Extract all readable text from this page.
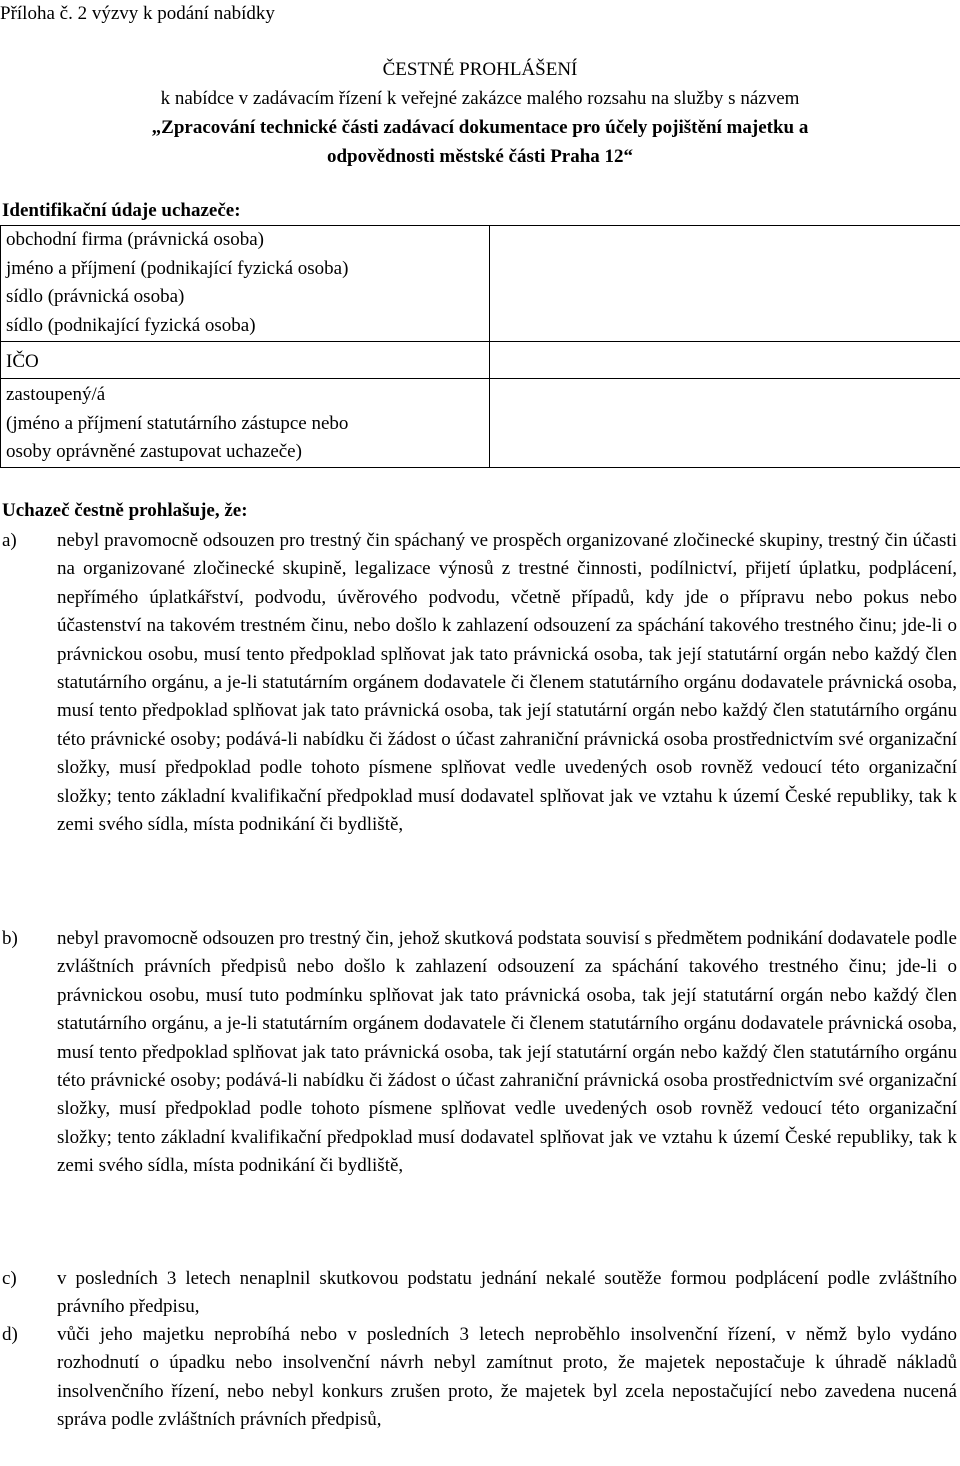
Příloha č. 2 výzvy k podání nabídky
ČESTNÉ PROHLÁŠENÍ
k nabídce v zadávacím řízení k veřejné zakázce malého rozsahu na služby s názvem
„Zpracování technické části zadávací dokumentace pro účely pojištění majetku a
odpovědnosti městské části Praha 12“
Identifikační údaje uchazeče:
obchodní firma (právnická osoba)
jméno a příjmení (podnikající fyzická osoba)
sídlo (právnická osoba)
sídlo (podnikající fyzická osoba)	

IČO	

zastoupený/á
(jméno a příjmení statutárního zástupce nebo
osoby oprávněné zastupovat uchazeče)	

Uchazeč čestně prohlašuje, že:
a) nebyl pravomocně odsouzen pro trestný čin spáchaný ve prospěch organizované zločinecké skupiny, trestný čin účasti na organizované zločinecké skupině, legalizace výnosů z trestné činnosti, podílnictví, přijetí úplatku, podplácení, nepřímého úplatkářství, podvodu, úvěrového podvodu, včetně případů, kdy jde o přípravu nebo pokus nebo účastenství na takovém trestném činu, nebo došlo k zahlazení odsouzení za spáchání takového trestného činu; jde-li o právnickou osobu, musí tento předpoklad splňovat jak tato právnická osoba, tak její statutární orgán nebo každý člen statutárního orgánu, a je-li statutárním orgánem dodavatele či členem statutárního orgánu dodavatele právnická osoba, musí tento předpoklad splňovat jak tato právnická osoba, tak její statutární orgán nebo každý člen statutárního orgánu této právnické osoby; podává-li nabídku či žádost o účast zahraniční právnická osoba prostřednictvím své organizační složky, musí předpoklad podle tohoto písmene splňovat vedle uvedených osob rovněž vedoucí této organizační složky; tento základní kvalifikační předpoklad musí dodavatel splňovat jak ve vztahu k území České republiky, tak k zemi svého sídla, místa podnikání či bydliště,
b) nebyl pravomocně odsouzen pro trestný čin, jehož skutková podstata souvisí s předmětem podnikání dodavatele podle zvláštních právních předpisů nebo došlo k zahlazení odsouzení za spáchání takového trestného činu; jde-li o právnickou osobu, musí tuto podmínku splňovat jak tato právnická osoba, tak její statutární orgán nebo každý člen statutárního orgánu, a je-li statutárním orgánem dodavatele či členem statutárního orgánu dodavatele právnická osoba, musí tento předpoklad splňovat jak tato právnická osoba, tak její statutární orgán nebo každý člen statutárního orgánu této právnické osoby; podává-li nabídku či žádost o účast zahraniční právnická osoba prostřednictvím své organizační složky, musí předpoklad podle tohoto písmene splňovat vedle uvedených osob rovněž vedoucí této organizační složky; tento základní kvalifikační předpoklad musí dodavatel splňovat jak ve vztahu k území České republiky, tak k zemi svého sídla, místa podnikání či bydliště,
c) v posledních 3 letech nenaplnil skutkovou podstatu jednání nekalé soutěže formou podplácení podle zvláštního právního předpisu,
d) vůči jeho majetku neprobíhá nebo v posledních 3 letech neproběhlo insolvenční řízení, v němž bylo vydáno rozhodnutí o úpadku nebo insolvenční návrh nebyl zamítnut proto, že majetek nepostačuje k úhradě nákladů insolvenčního řízení, nebo nebyl konkurs zrušen proto, že majetek byl zcela nepostačující nebo zavedena nucená správa podle zvláštních právních předpisů,
